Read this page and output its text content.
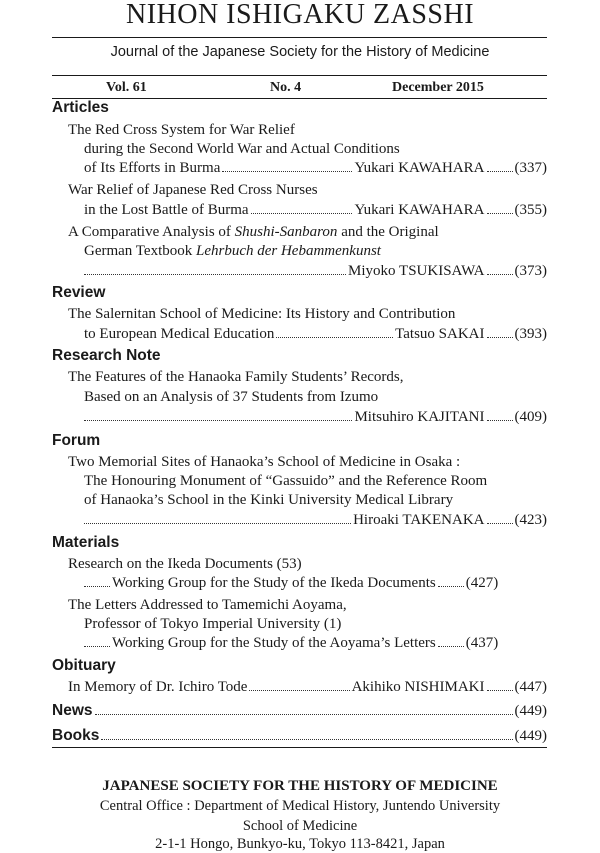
NIHON ISHIGAKU ZASSHI
Journal of the Japanese Society for the History of Medicine
Vol. 61	No. 4	December 2015
Articles
The Red Cross System for War Relief
during the Second World War and Actual Conditions
of Its Efforts in Burma	Yukari KAWAHARA (337)
War Relief of Japanese Red Cross Nurses
in the Lost Battle of Burma	Yukari KAWAHARA (355)
A Comparative Analysis of Shushi-Sanbaron and the Original
German Textbook Lehrbuch der Hebammenkunst
Miyoko TSUKISAWA (373)
Review
The Salernitan School of Medicine: Its History and Contribution
to European Medical Education	Tatsuo SAKAI (393)
Research Note
The Features of the Hanaoka Family Students’ Records,
Based on an Analysis of 37 Students from Izumo
Mitsuhiro KAJITANI (409)
Forum
Two Memorial Sites of Hanaoka’s School of Medicine in Osaka :
The Honouring Monument of “Gassuido” and the Reference Room
of Hanaoka’s School in the Kinki University Medical Library
Hiroaki TAKENAKA (423)
Materials
Research on the Ikeda Documents (53)
Working Group for the Study of the Ikeda Documents (427)
The Letters Addressed to Tamemichi Aoyama,
Professor of Tokyo Imperial University (1)
Working Group for the Study of the Aoyama’s Letters (437)
Obituary
In Memory of Dr. Ichiro Tode	Akihiko NISHIMAKI (447)
News	(449)
Books	(449)
JAPANESE SOCIETY FOR THE HISTORY OF MEDICINE
Central Office : Department of Medical History, Juntendo University
School of Medicine
2-1-1 Hongo, Bunkyo-ku, Tokyo 113-8421, Japan
